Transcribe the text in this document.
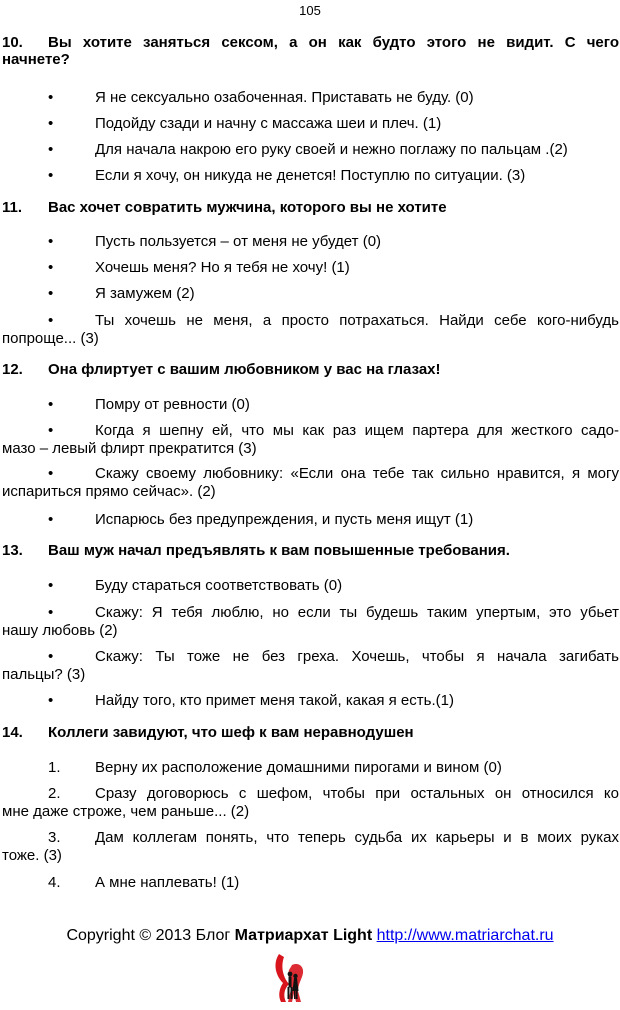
105
10. Вы хотите заняться сексом, а он как будто этого не видит. С чего
начнете?
•	Я не сексуально озабоченная. Приставать не буду. (0)
•	Подойду сзади и начну с массажа шеи и плеч. (1)
•	Для начала накрою его руку своей и нежно поглажу по пальцам .(2)
•	Если я хочу, он никуда не денется! Поступлю по ситуации. (3)
11. Вас хочет совратить мужчина, которого вы не хотите
•	Пусть пользуется – от меня не убудет (0)
•	Хочешь меня? Но я тебя не хочу! (1)
•	Я замужем (2)
•	Ты хочешь не меня, а просто потрахаться. Найди себе кого-нибудь
попроще... (3)
12. Она флиртует с вашим любовником у вас на глазах!
•	Помру от ревности (0)
•	Когда я шепну ей, что мы как раз ищем партера для жесткого садо-
мазо – левый флирт прекратится (3)
•	Скажу своему любовнику: «Если она тебе так сильно нравится, я могу
испариться прямо сейчас». (2)
•	Испарюсь без предупреждения, и пусть меня ищут (1)
13. Ваш муж начал предъявлять к вам повышенные требования.
•	Буду стараться соответствовать (0)
•	Скажу: Я тебя люблю, но если ты будешь таким упертым, это убьет
нашу любовь (2)
•	Скажу: Ты тоже не без греха. Хочешь, чтобы я начала загибать
пальцы? (3)
•	Найду того, кто примет меня такой, какая я есть.(1)
14. Коллеги завидуют, что шеф к вам неравнодушен
1. Верну их расположение домашними пирогами и вином (0)
2. Сразу договорюсь с шефом, чтобы при остальных он относился ко
мне даже строже, чем раньше... (2)
3. Дам коллегам понять, что теперь судьба их карьеры и в моих руках
тоже. (3)
4. А мне наплевать! (1)
Copyright © 2013 Блог Матриархат Light http://www.matriarchat.ru
